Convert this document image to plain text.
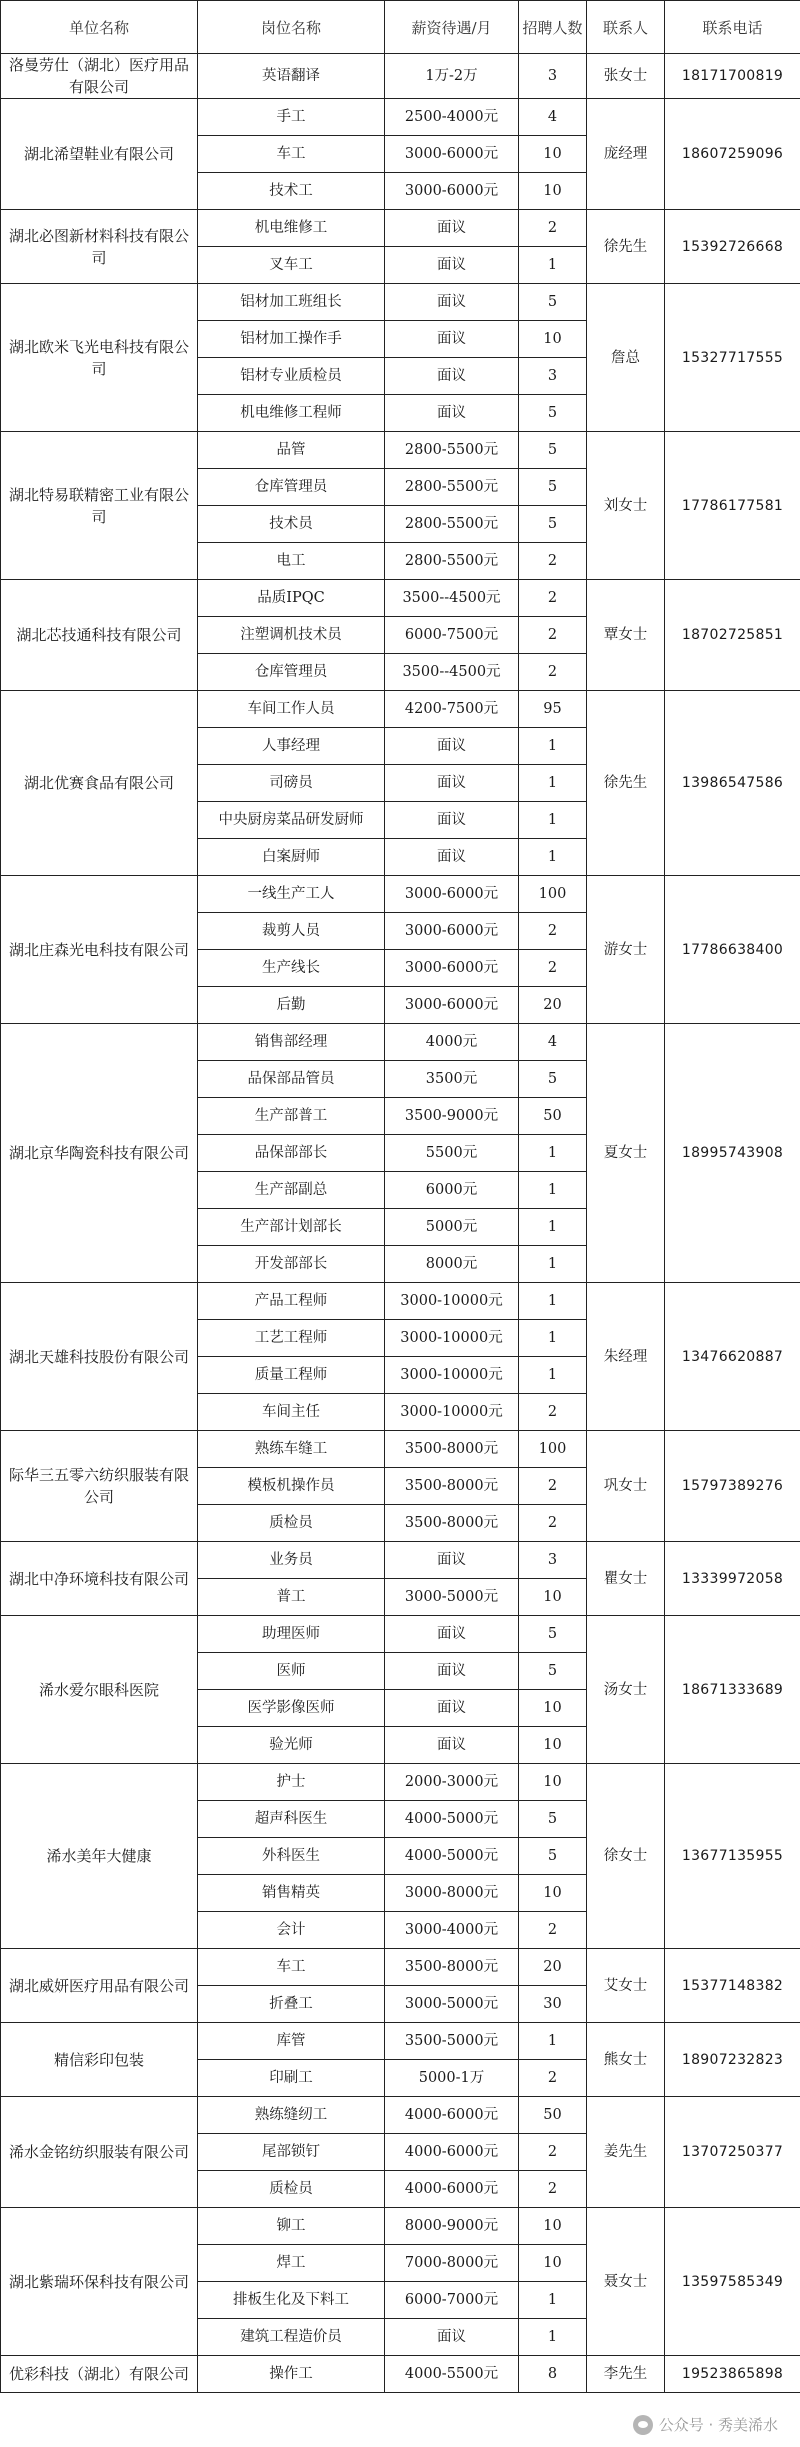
单位名称	岗位名称	薪资待遇/月	招聘人数	联系人	联系电话
洛曼劳仕（湖北）医疗用品有限公司	英语翻译	1万-2万	3	张女士	18171700819
湖北浠望鞋业有限公司	手工	2500-4000元	4	庞经理	18607259096
	车工	3000-6000元	10		
	技术工	3000-6000元	10		
湖北必图新材料科技有限公司	机电维修工	面议	2	徐先生	15392726668
	叉车工	面议	1		
湖北欧米飞光电科技有限公司	铝材加工班组长	面议	5	詹总	15327717555
	铝材加工操作手	面议	10		
	铝材专业质检员	面议	3		
	机电维修工程师	面议	5		
湖北特易联精密工业有限公司	品管	2800-5500元	5	刘女士	17786177581
	仓库管理员	2800-5500元	5		
	技术员	2800-5500元	5		
	电工	2800-5500元	2		
湖北芯技通科技有限公司	品质IPQC	3500--4500元	2	覃女士	18702725851
	注塑调机技术员	6000-7500元	2		
	仓库管理员	3500--4500元	2		
湖北优赛食品有限公司	车间工作人员	4200-7500元	95	徐先生	13986547586
	人事经理	面议	1		
	司磅员	面议	1		
	中央厨房菜品研发厨师	面议	1		
	白案厨师	面议	1		
湖北庄森光电科技有限公司	一线生产工人	3000-6000元	100	游女士	17786638400
	裁剪人员	3000-6000元	2		
	生产线长	3000-6000元	2		
	后勤	3000-6000元	20		
湖北京华陶瓷科技有限公司	销售部经理	4000元	4	夏女士	18995743908
	品保部品管员	3500元	5		
	生产部普工	3500-9000元	50		
	品保部部长	5500元	1		
	生产部副总	6000元	1		
	生产部计划部长	5000元	1		
	开发部部长	8000元	1		
湖北天雄科技股份有限公司	产品工程师	3000-10000元	1	朱经理	13476620887
	工艺工程师	3000-10000元	1		
	质量工程师	3000-10000元	1		
	车间主任	3000-10000元	2		
际华三五零六纺织服装有限公司	熟练车缝工	3500-8000元	100	巩女士	15797389276
	模板机操作员	3500-8000元	2		
	质检员	3500-8000元	2		
湖北中净环境科技有限公司	业务员	面议	3	瞿女士	13339972058
	普工	3000-5000元	10		
浠水爱尔眼科医院	助理医师	面议	5	汤女士	18671333689
	医师	面议	5		
	医学影像医师	面议	10		
	验光师	面议	10		
浠水美年大健康	护士	2000-3000元	10	徐女士	13677135955
	超声科医生	4000-5000元	5		
	外科医生	4000-5000元	5		
	销售精英	3000-8000元	10		
	会计	3000-4000元	2		
湖北威妍医疗用品有限公司	车工	3500-8000元	20	艾女士	15377148382
	折叠工	3000-5000元	30		
精信彩印包装	库管	3500-5000元	1	熊女士	18907232823
	印刷工	5000-1万	2		
浠水金铭纺织服装有限公司	熟练缝纫工	4000-6000元	50	姜先生	13707250377
	尾部锁钉	4000-6000元	2		
	质检员	4000-6000元	2		
湖北紫瑞环保科技有限公司	铆工	8000-9000元	10	聂女士	13597585349
	焊工	7000-8000元	10		
	排板生化及下料工	6000-7000元	1		
	建筑工程造价员	面议	1		
优彩科技（湖北）有限公司	操作工	4000-5500元	8	李先生	19523865898
公众号 · 秀美浠水
